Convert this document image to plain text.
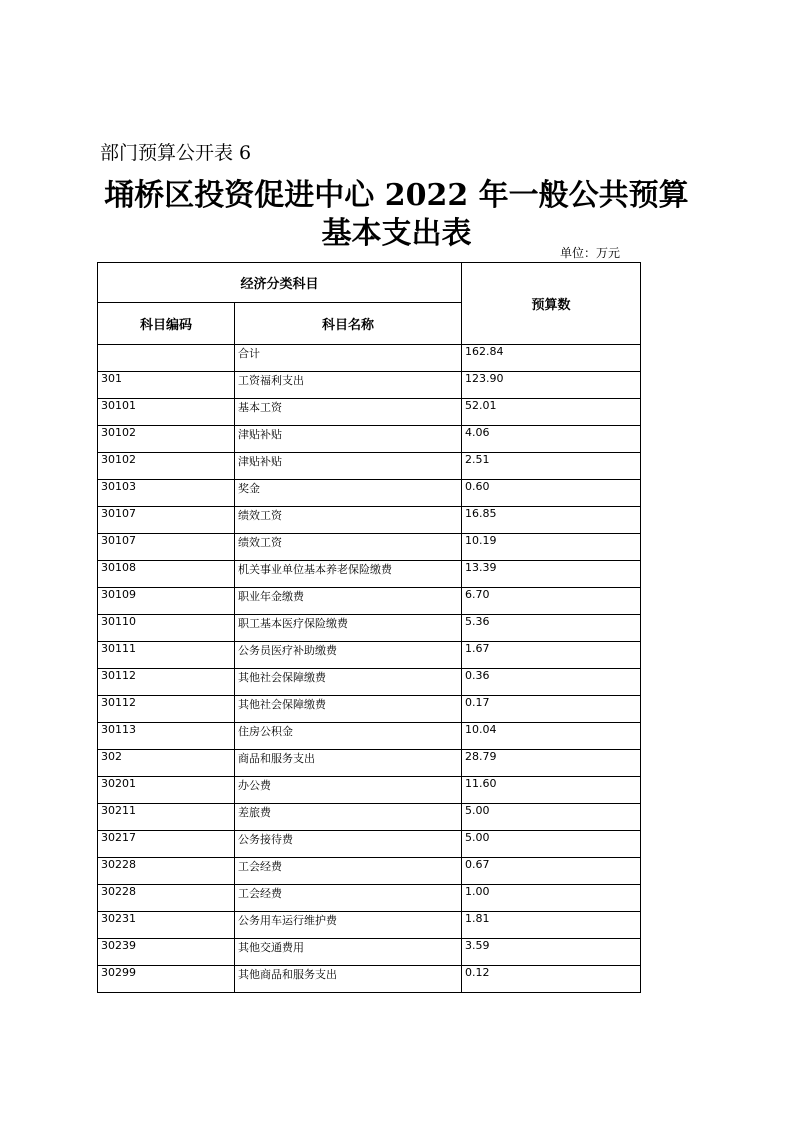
部门预算公开表 6
埇桥区投资促进中心 2022 年一般公共预算
基本支出表
单位：万元
经济分类科目		预算数
科目编码	科目名称	
	合计	162.84
301	工资福利支出	123.90
30101	基本工资	52.01
30102	津贴补贴	4.06
30102	津贴补贴	2.51
30103	奖金	0.60
30107	绩效工资	16.85
30107	绩效工资	10.19
30108	机关事业单位基本养老保险缴费	13.39
30109	职业年金缴费	6.70
30110	职工基本医疗保险缴费	5.36
30111	公务员医疗补助缴费	1.67
30112	其他社会保障缴费	0.36
30112	其他社会保障缴费	0.17
30113	住房公积金	10.04
302	商品和服务支出	28.79
30201	办公费	11.60
30211	差旅费	5.00
30217	公务接待费	5.00
30228	工会经费	0.67
30228	工会经费	1.00
30231	公务用车运行维护费	1.81
30239	其他交通费用	3.59
30299	其他商品和服务支出	0.12
